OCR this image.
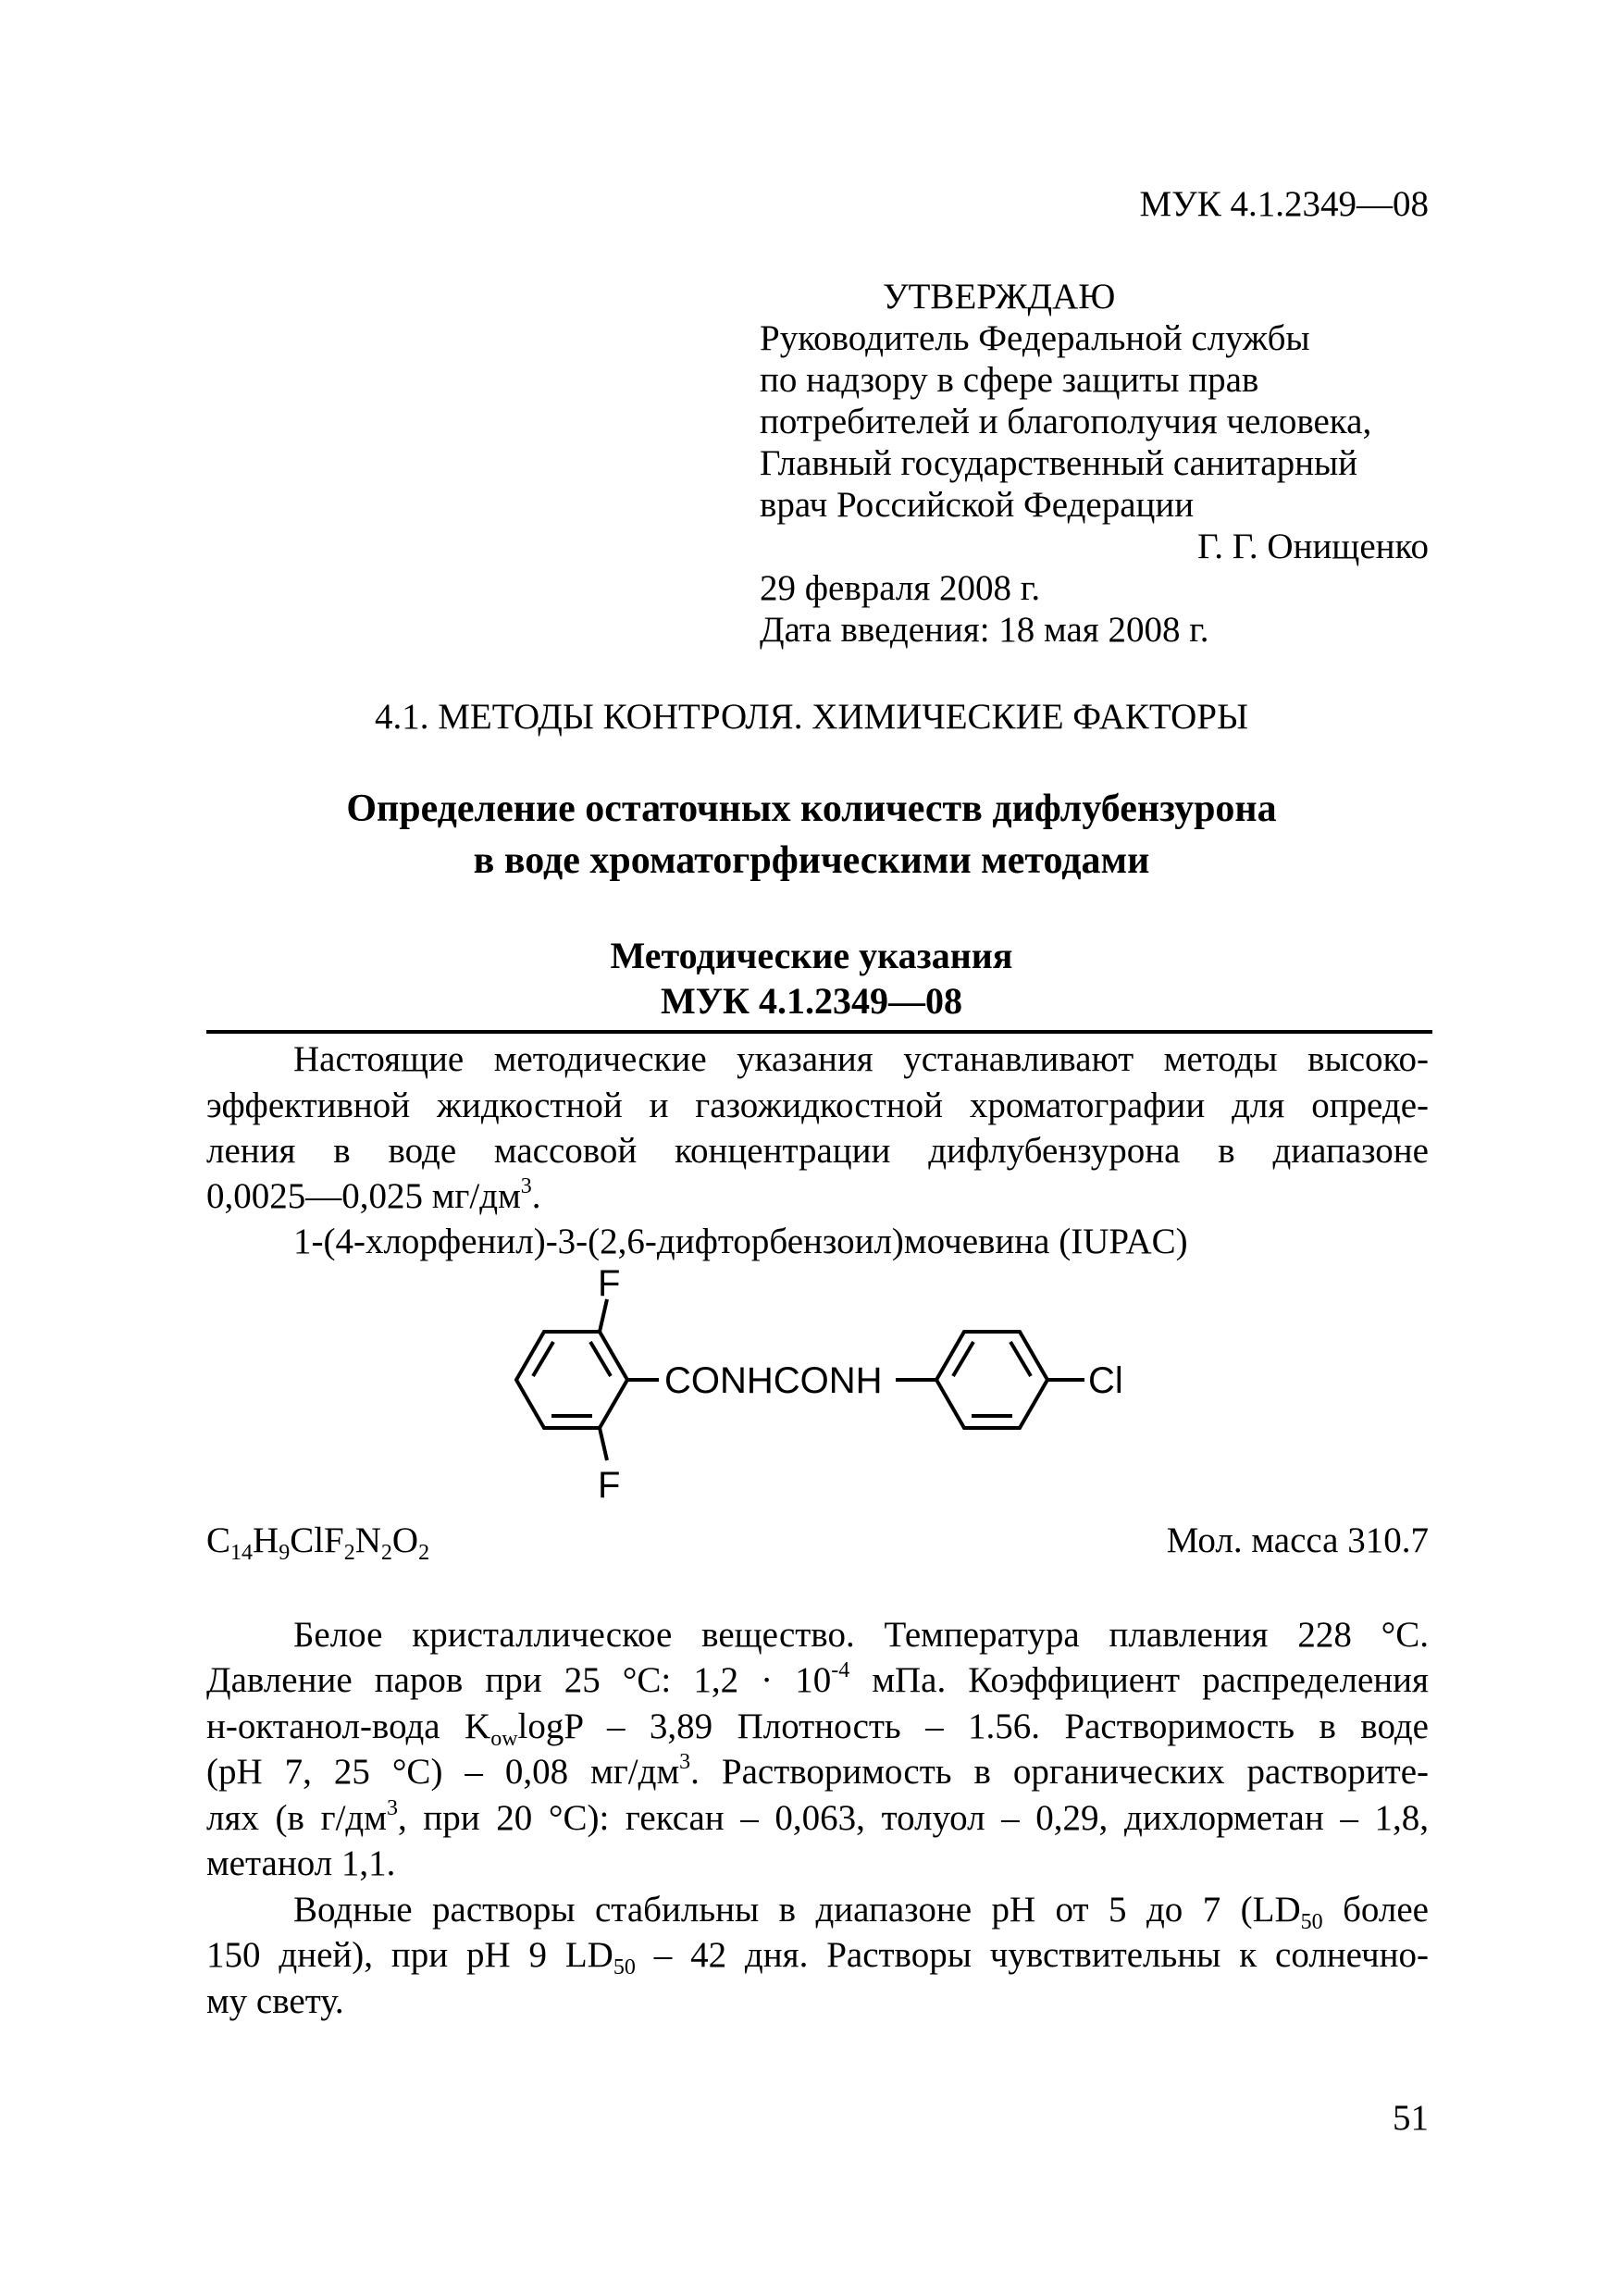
МУК 4.1.2349—08
УТВЕРЖДАЮ
Руководитель Федеральной службы
по надзору в сфере защиты прав
потребителей и благополучия человека,
Главный государственный санитарный
врач Российской Федерации
Г. Г. Онищенко
29 февраля 2008 г.
Дата введения: 18 мая 2008 г.
4.1. МЕТОДЫ КОНТРОЛЯ. ХИМИЧЕСКИЕ ФАКТОРЫ
Определение остаточных количеств дифлубензурона
в воде хроматогрфическими методами
Методические указания
МУК 4.1.2349—08
Настоящие методические указания устанавливают методы высоко-
эффективной жидкостной и газожидкостной хроматографии для опреде-
ления в воде массовой концентрации дифлубензурона в диапазоне
0,0025—0,025 $мг/дм^3$.
1-(4-хлорфенил)-3-(2,6-дифторбензоил)мочевина (IUPAC)
F
F
CONHCONH	Cl
$C_{14}H_9ClF_2N_2O_2$	Мол. масса 310.7
Белое кристаллическое вещество. Температура плавления 228 °С.
Давление паров при 25 °С: $1,2 \cdot 10^{-4}$ мПа. Коэффициент распределения
н-октанол-вода $K_{ow}\log P - 3,89$ Плотность – 1.56. Растворимость в воде
(pH 7, 25 °С) – 0,08 $мг/дм^3$. Растворимость в органических растворите-
лях (в $г/дм^3$, при 20 °С): гексан – 0,063, толуол – 0,29, дихлорметан – 1,8,
метанол 1,1.
Водные растворы стабильны в диапазоне pH от 5 до 7 ($LD_{50}$ более
150 дней), при pH 9 $LD_{50} - 42$ дня. Растворы чувствительны к солнечно-
му свету.
51
